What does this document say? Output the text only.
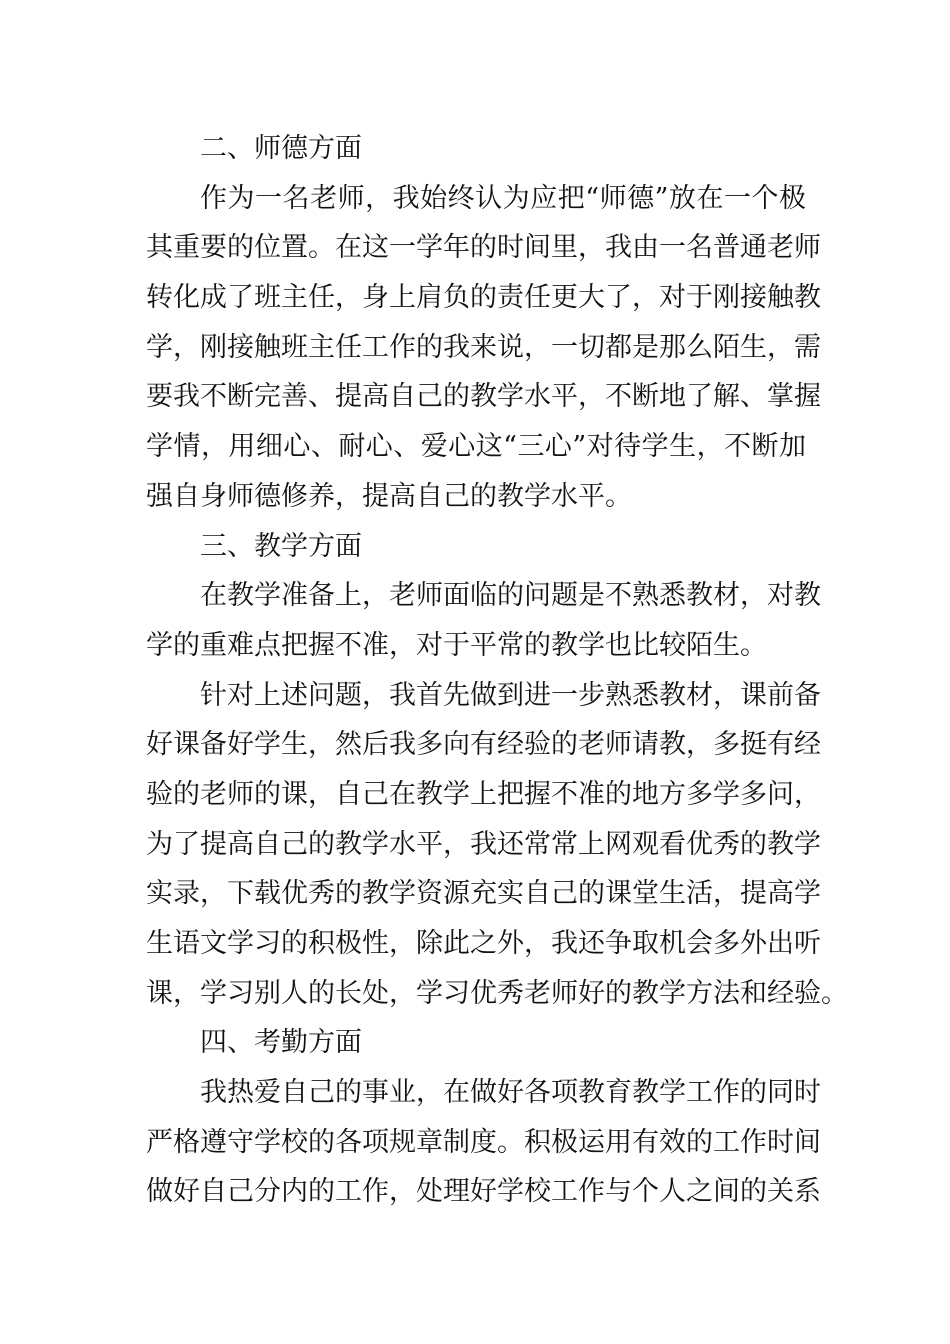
二、师德方面
作为一名老师，我始终认为应把“师德”放在一个极
其重要的位置。在这一学年的时间里，我由一名普通老师
转化成了班主任，身上肩负的责任更大了，对于刚接触教
学，刚接触班主任工作的我来说，一切都是那么陌生，需
要我不断完善、提高自己的教学水平，不断地了解、掌握
学情，用细心、耐心、爱心这“三心”对待学生，不断加
强自身师德修养，提高自己的教学水平。
三、教学方面
在教学准备上，老师面临的问题是不熟悉教材，对教
学的重难点把握不准，对于平常的教学也比较陌生。
针对上述问题，我首先做到进一步熟悉教材，课前备
好课备好学生，然后我多向有经验的老师请教，多挺有经
验的老师的课，自己在教学上把握不准的地方多学多问，
为了提高自己的教学水平，我还常常上网观看优秀的教学
实录，下载优秀的教学资源充实自己的课堂生活，提高学
生语文学习的积极性，除此之外，我还争取机会多外出听
课，学习别人的长处，学习优秀老师好的教学方法和经验。
四、考勤方面
我热爱自己的事业，在做好各项教育教学工作的同时
严格遵守学校的各项规章制度。积极运用有效的工作时间
做好自己分内的工作，处理好学校工作与个人之间的关系
